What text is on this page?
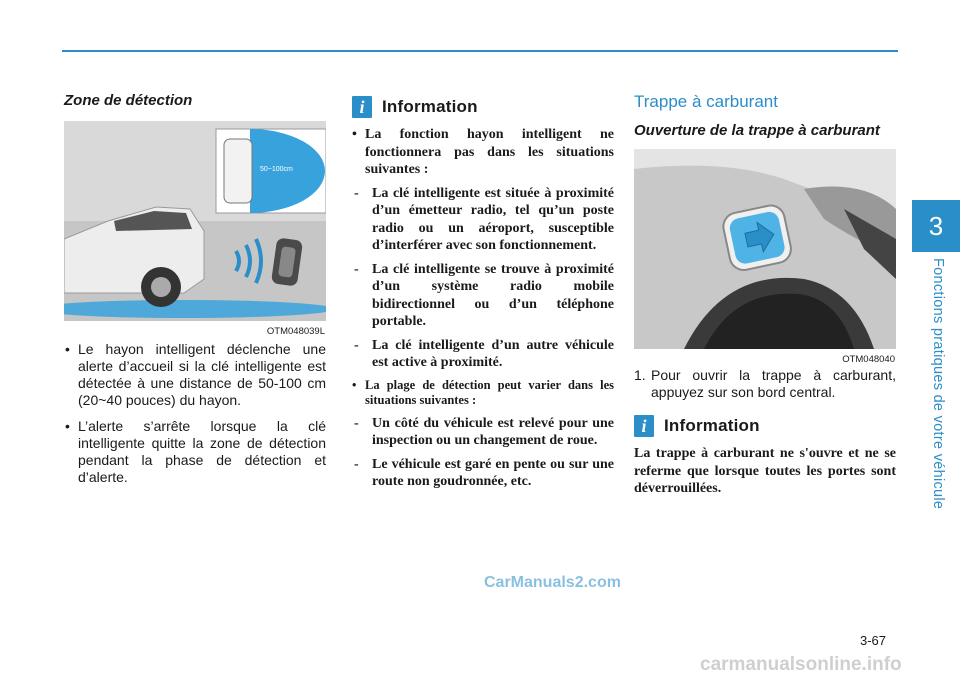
3
Fonctions pratiques de votre véhicule
Zone de détection
50~100cm
OTM048039L
• Le hayon intelligent déclenche une alerte d’accueil si la clé intelligente est détectée à une distance de 50-100 cm (20~40 pouces) du hayon.
• L’alerte s’arrête lorsque la clé intelligente quitte la zone de détection pendant la phase de détection et d’alerte.
i	Information
• La fonction hayon intelligent ne fonctionnera pas dans les situations suivantes :
- La clé intelligente est située à proximité d’un émetteur radio, tel qu’un poste radio ou un aéroport, susceptible d’interférer avec son fonctionnement.
- La clé intelligente se trouve à proximité d’un système radio mobile bidirectionnel ou d’un téléphone portable.
- La clé intelligente d’un autre véhicule est active à proximité.
• La plage de détection peut varier dans les situations suivantes :
- Un côté du véhicule est relevé pour une inspection ou un changement de roue.
- Le véhicule est garé en pente ou sur une route non goudronnée, etc.
Trappe à carburant
Ouverture de la trappe à carburant
OTM048040
1. Pour ouvrir la trappe à carburant, appuyez sur son bord central.
i	Information
La trappe à carburant ne s'ouvre et ne se referme que lorsque toutes les portes sont déverrouillées.
3-67
CarManuals2.com
carmanualsonline.info
